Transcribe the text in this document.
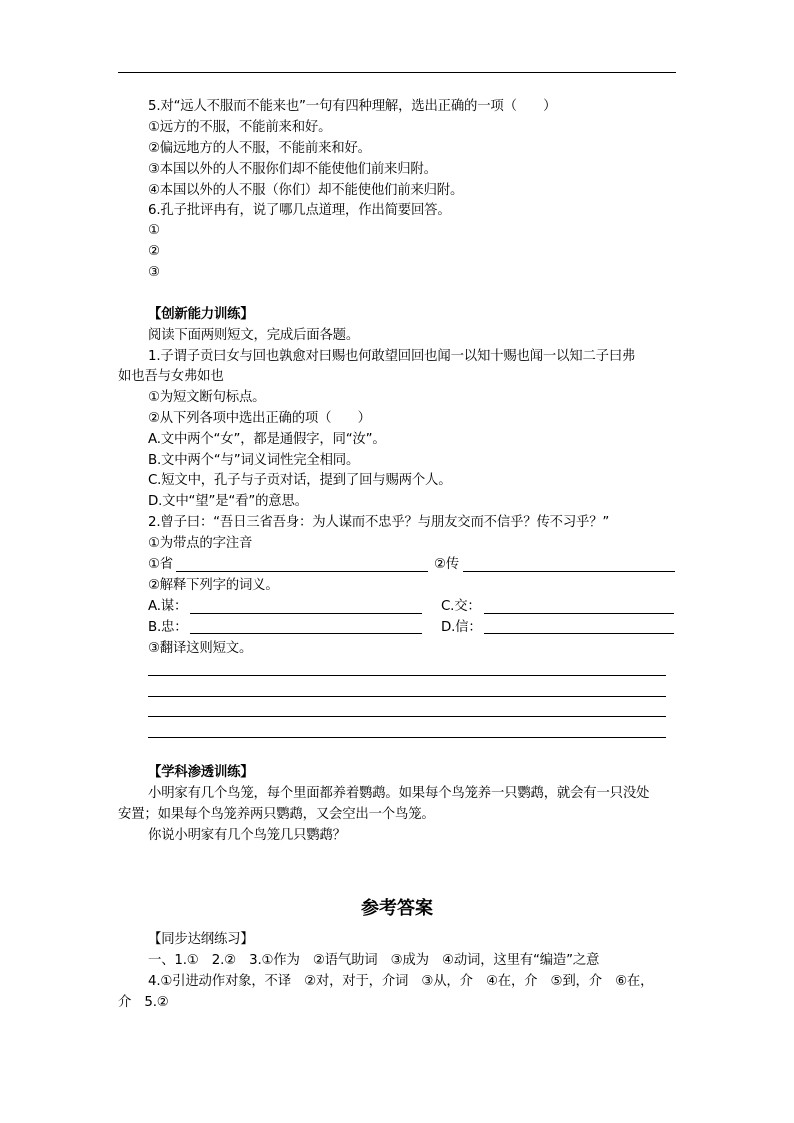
5.对“远人不服而不能来也”一句有四种理解，选出正确的一项（　　）
①远方的不服，不能前来和好。
②偏远地方的人不服，不能前来和好。
③本国以外的人不服你们却不能使他们前来归附。
④本国以外的人不服（你们）却不能使他们前来归附。
6.孔子批评冉有，说了哪几点道理，作出简要回答。
①
②
③
【创新能力训练】
阅读下面两则短文，完成后面各题。
1.子谓子贡曰女与回也孰愈对曰赐也何敢望回回也闻一以知十赐也闻一以知二子曰弗
如也吾与女弗如也
①为短文断句标点。
②从下列各项中选出正确的项（　　）
A.文中两个“女”，都是通假字，同“汝”。
B.文中两个“与”词义词性完全相同。
C.短文中，孔子与子贡对话，提到了回与赐两个人。
D.文中“望”是“看”的意思。
2.曾子曰：“吾日三省吾身：为人谋而不忠乎？与朋友交而不信乎？传不习乎？”
①为带点的字注音
①省	②传
②解释下列字的词义。
A.谋：	C.交：
B.忠：	D.信：
③翻译这则短文。
【学科渗透训练】
小明家有几个鸟笼，每个里面都养着鹦鹉。如果每个鸟笼养一只鹦鹉，就会有一只没处
安置；如果每个鸟笼养两只鹦鹉，又会空出一个鸟笼。
你说小明家有几个鸟笼几只鹦鹉？
参考答案
【同步达纲练习】
一、1.①　2.②　3.①作为　②语气助词　③成为　④动词，这里有“编造”之意
4.①引进动作对象，不译　②对，对于，介词　③从，介　④在，介　⑤到，介　⑥在，
介　5.②
